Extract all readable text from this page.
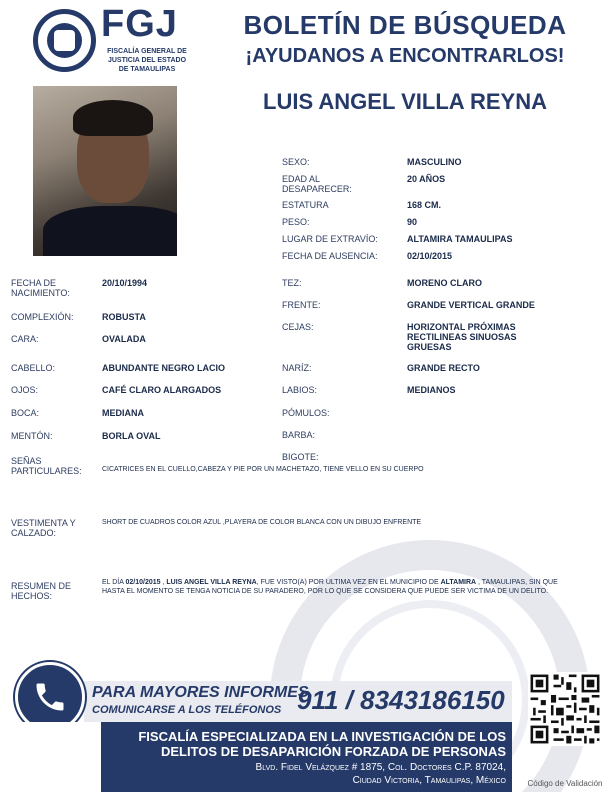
FGJ
FISCALÍA GENERAL DE
JUSTICIA DEL ESTADO
DE TAMAULIPAS
BOLETÍN DE BÚSQUEDA
¡AYUDANOS A ENCONTRARLOS!
LUIS ANGEL VILLA REYNA
SEXO:	MASCULINO
EDAD AL DESAPARECER:
20 AÑOS
ESTATURA	168 CM.
PESO:	90
LUGAR DE EXTRAVÍO:	ALTAMIRA TAMAULIPAS
FECHA DE AUSENCIA:	02/10/2015
FECHA DE NACIMIENTO:
20/10/1994
COMPLEXIÓN:	ROBUSTA
CARA:	OVALADA
CABELLO:	ABUNDANTE NEGRO LACIO
OJOS:	CAFÉ CLARO ALARGADOS
BOCA:	MEDIANA
MENTÓN:	BORLA OVAL
TEZ:	MORENO CLARO
FRENTE:	GRANDE VERTICAL GRANDE
CEJAS:	HORIZONTAL PRÓXIMAS RECTILINEAS SINUOSAS GRUESAS
NARÍZ:	GRANDE RECTO
LABIOS:	MEDIANOS
PÓMULOS:
BARBA:
BIGOTE:
SEÑAS PARTICULARES:	CICATRICES EN EL CUELLO,CABEZA Y PIE POR UN MACHETAZO, TIENE VELLO EN SU CUERPO
VESTIMENTA Y CALZADO:
SHORT DE CUADROS COLOR AZUL ,PLAYERA DE COLOR BLANCA CON UN DIBUJO ENFRENTE
RESUMEN DE HECHOS:
EL DÍA 02/10/2015 , LUIS ANGEL VILLA REYNA, FUE VISTO(A) POR ULTIMA VEZ EN EL MUNICIPIO DE ALTAMIRA , TAMAULIPAS, SIN QUE HASTA EL MOMENTO SE TENGA NOTICIA DE SU PARADERO, POR LO QUE SE CONSIDERA QUE PUEDE SER VICTIMA DE UN DELITO.
PARA MAYORES INFORMES,
COMUNICARSE A LOS TELÉFONOS 911 / 8343186150
FISCALÍA ESPECIALIZADA EN LA INVESTIGACIÓN DE LOS
DELITOS DE DESAPARICIÓN FORZADA DE PERSONAS
Blvd. Fidel Velázquez # 1875, Col. Doctores C.P. 87024,
Ciudad Victoria, Tamaulipas, México	Código de Validación
